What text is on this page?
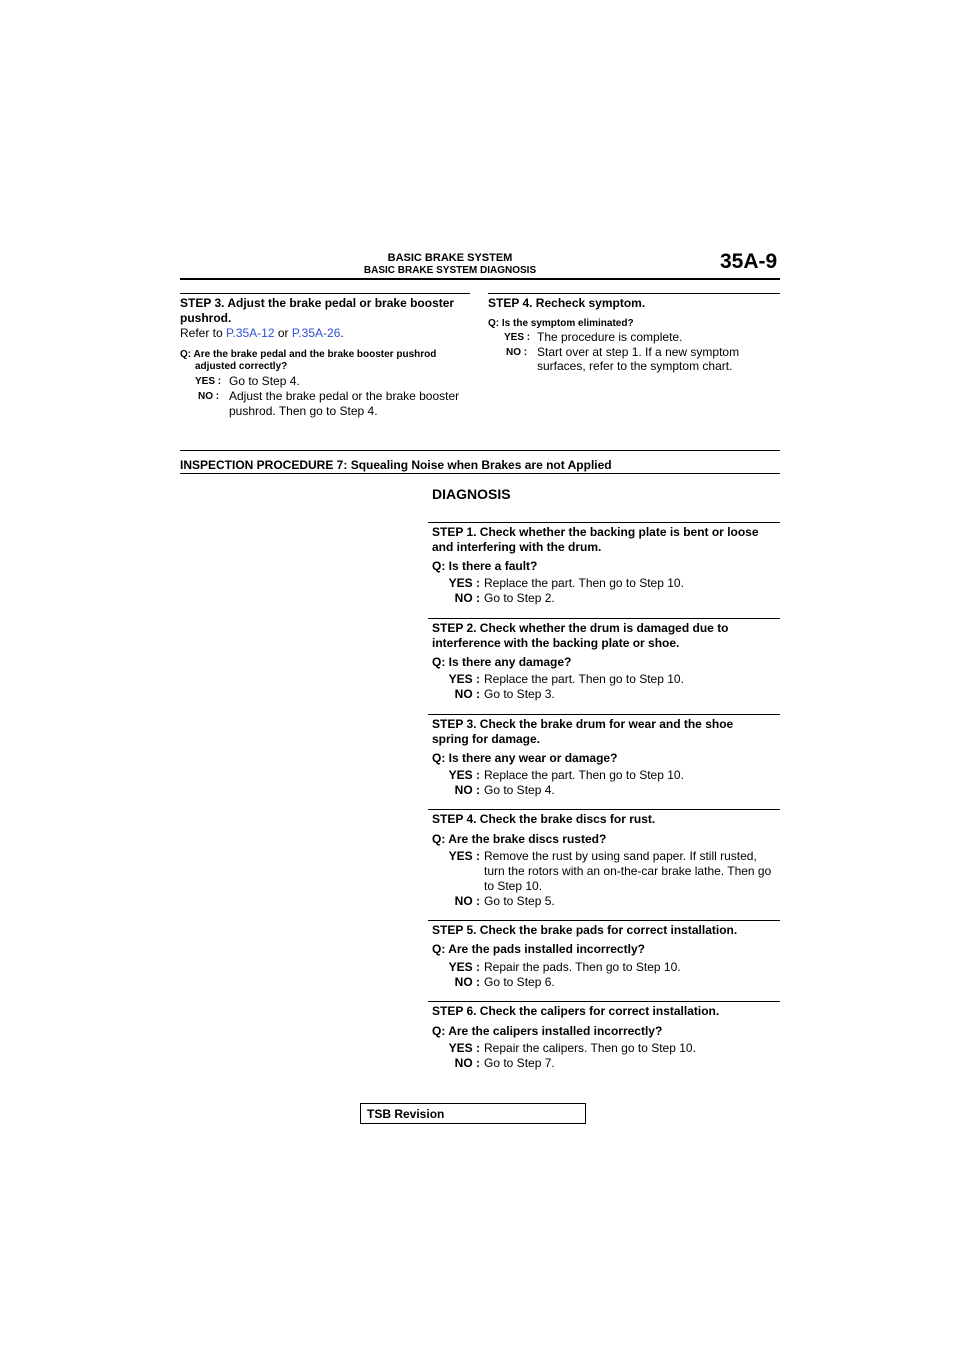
BASIC BRAKE SYSTEM
BASIC BRAKE SYSTEM DIAGNOSIS	35A-9
STEP 3. Adjust the brake pedal or brake booster pushrod.
Refer to P.35A-12 or P.35A-26.
Q: Are the brake pedal and the brake booster pushrod
adjusted correctly?
YES : Go to Step 4.
NO : Adjust the brake pedal or the brake booster
pushrod. Then go to Step 4.
STEP 4. Recheck symptom.
Q: Is the symptom eliminated?
YES : The procedure is complete.
NO : Start over at step 1. If a new symptom
surfaces, refer to the symptom chart.
INSPECTION PROCEDURE 7: Squealing Noise when Brakes are not Applied
DIAGNOSIS
STEP 1. Check whether the backing plate is bent or loose
and interfering with the drum.
Q: Is there a fault?
YES : Replace the part. Then go to Step 10.
NO : Go to Step 2.
STEP 2. Check whether the drum is damaged due to
interference with the backing plate or shoe.
Q: Is there any damage?
YES : Replace the part. Then go to Step 10.
NO : Go to Step 3.
STEP 3. Check the brake drum for wear and the shoe
spring for damage.
Q: Is there any wear or damage?
YES : Replace the part. Then go to Step 10.
NO : Go to Step 4.
STEP 4. Check the brake discs for rust.
Q: Are the brake discs rusted?
YES : Remove the rust by using sand paper. If still rusted,
turn the rotors with an on-the-car brake lathe. Then go
to Step 10.
NO : Go to Step 5.
STEP 5. Check the brake pads for correct installation.
Q: Are the pads installed incorrectly?
YES : Repair the pads. Then go to Step 10.
NO : Go to Step 6.
STEP 6. Check the calipers for correct installation.
Q: Are the calipers installed incorrectly?
YES : Repair the calipers. Then go to Step 10.
NO : Go to Step 7.
TSB Revision
